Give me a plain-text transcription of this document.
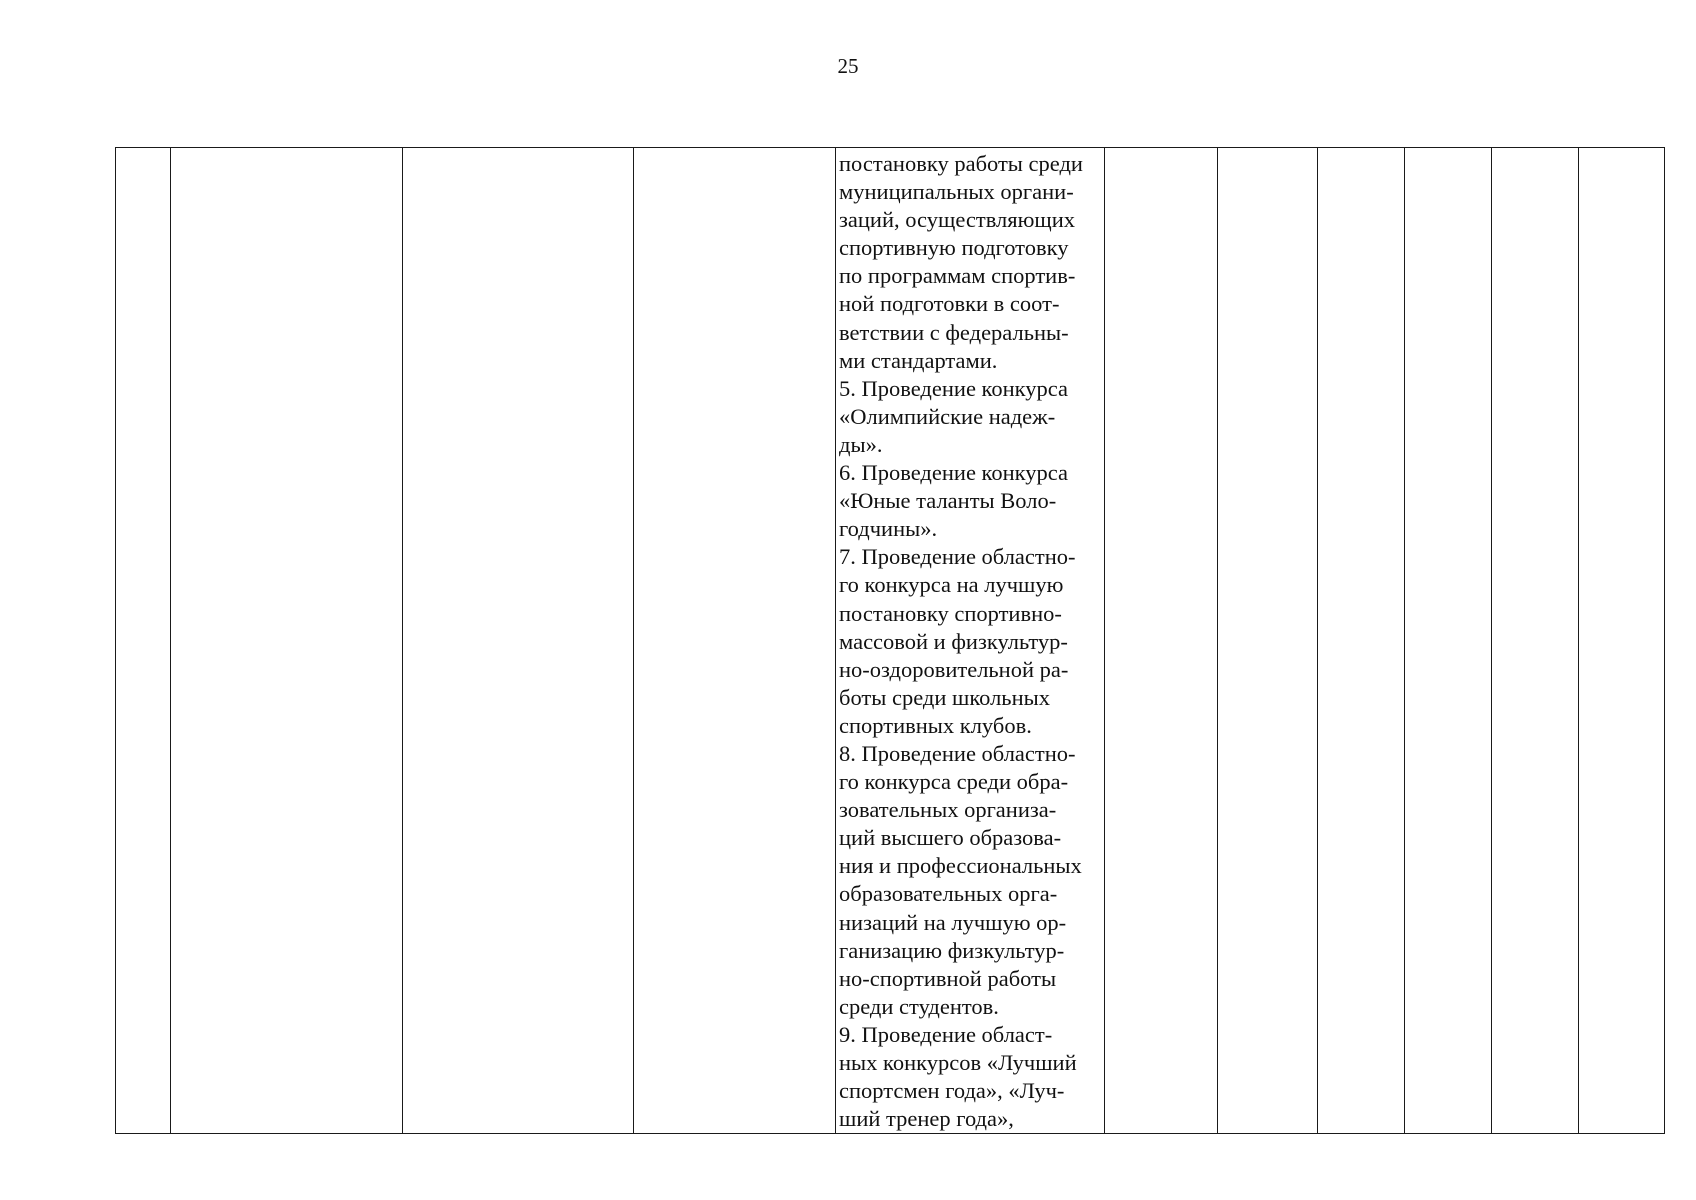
25

постановку работы среди
муниципальных органи-
заций, осуществляющих
спортивную подготовку
по программам спортив-
ной подготовки в соот-
ветствии с федеральны-
ми стандартами.
5. Проведение конкурса
«Олимпийские надеж-
ды».
6. Проведение конкурса
«Юные таланты Воло-
годчины».
7. Проведение областно-
го конкурса на лучшую
постановку спортивно-
массовой и физкультур-
но-оздоровительной ра-
боты среди школьных
спортивных клубов.
8. Проведение областно-
го конкурса среди обра-
зовательных организа-
ций высшего образова-
ния и профессиональных
образовательных орга-
низаций на лучшую ор-
ганизацию физкультур-
но-спортивной работы
среди студентов.
9. Проведение област-
ных конкурсов «Лучший
спортсмен года», «Луч-
ший тренер года»,
